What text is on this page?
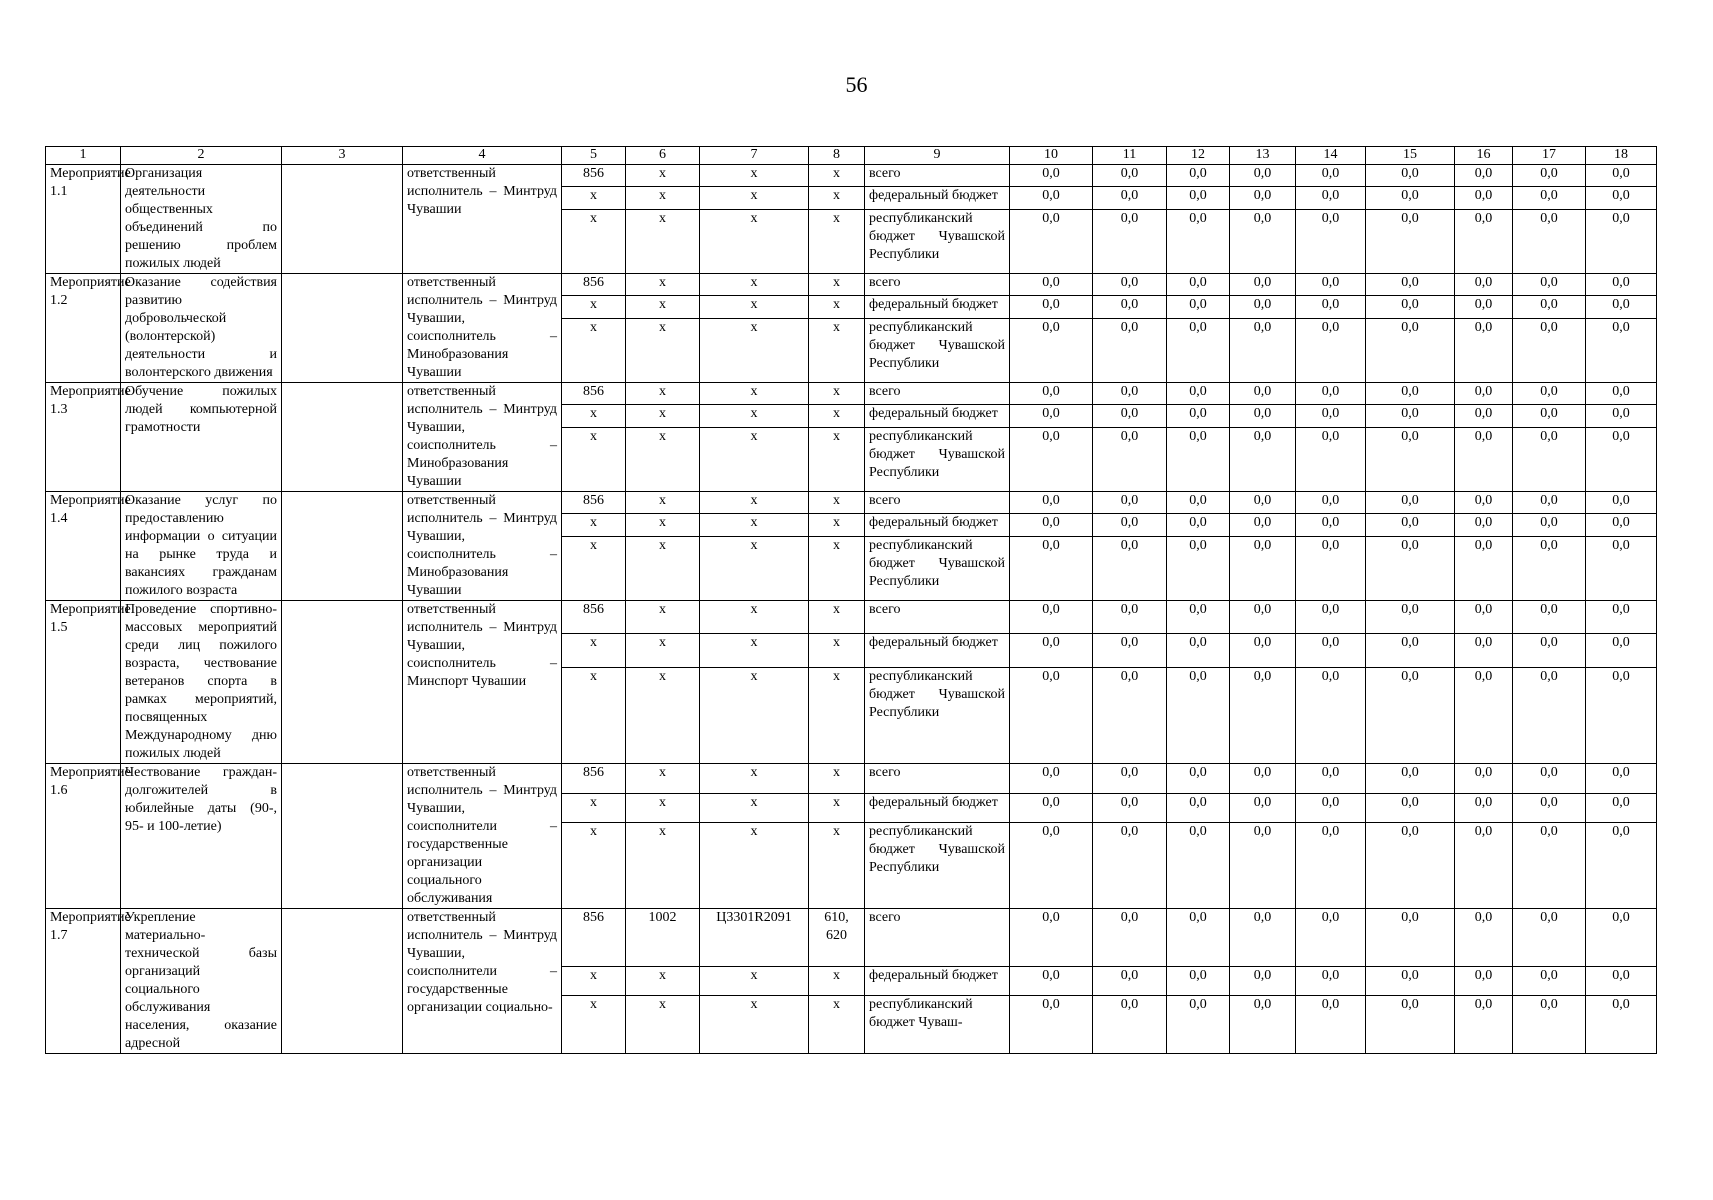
56
1	2	3	4	5	6	7	8	9	10	11	12	13	14	15	16	17	18
Мероприятие 1.1	Организация деятельности общественных объединений по решению проблем пожилых людей		ответственный исполнитель – Минтруд Чувашии	856	x	x	x	всего	0,0	0,0	0,0	0,0	0,0	0,0	0,0	0,0	0,0
				x	x	x	x	федеральный бюджет	0,0	0,0	0,0	0,0	0,0	0,0	0,0	0,0	0,0
				x	x	x	x	республиканский бюджет Чувашской Республики	0,0	0,0	0,0	0,0	0,0	0,0	0,0	0,0	0,0
Мероприятие 1.2	Оказание содействия развитию добровольческой (волонтерской) деятельности и волонтерского движения		ответственный исполнитель – Минтруд Чувашии, соисполнитель – Минобразования Чувашии	856	x	x	x	всего	0,0	0,0	0,0	0,0	0,0	0,0	0,0	0,0	0,0
				x	x	x	x	федеральный бюджет	0,0	0,0	0,0	0,0	0,0	0,0	0,0	0,0	0,0
				x	x	x	x	республиканский бюджет Чувашской Республики	0,0	0,0	0,0	0,0	0,0	0,0	0,0	0,0	0,0
Мероприятие 1.3	Обучение пожилых людей компьютерной грамотности		ответственный исполнитель – Минтруд Чувашии, соисполнитель – Минобразования Чувашии	856	x	x	x	всего	0,0	0,0	0,0	0,0	0,0	0,0	0,0	0,0	0,0
				x	x	x	x	федеральный бюджет	0,0	0,0	0,0	0,0	0,0	0,0	0,0	0,0	0,0
				x	x	x	x	республиканский бюджет Чувашской Республики	0,0	0,0	0,0	0,0	0,0	0,0	0,0	0,0	0,0
Мероприятие 1.4	Оказание услуг по предоставлению информации о ситуации на рынке труда и вакансиях гражданам пожилого возраста		ответственный исполнитель – Минтруд Чувашии, соисполнитель – Минобразования Чувашии	856	x	x	x	всего	0,0	0,0	0,0	0,0	0,0	0,0	0,0	0,0	0,0
				x	x	x	x	федеральный бюджет	0,0	0,0	0,0	0,0	0,0	0,0	0,0	0,0	0,0
				x	x	x	x	республиканский бюджет Чувашской Республики	0,0	0,0	0,0	0,0	0,0	0,0	0,0	0,0	0,0
Мероприятие 1.5	Проведение спортивно-массовых мероприятий среди лиц пожилого возраста, чествование ветеранов спорта в рамках мероприятий, посвященных Международному дню пожилых людей		ответственный исполнитель – Минтруд Чувашии, соисполнитель – Минспорт Чувашии	856	x	x	x	всего	0,0	0,0	0,0	0,0	0,0	0,0	0,0	0,0	0,0
				x	x	x	x	федеральный бюджет	0,0	0,0	0,0	0,0	0,0	0,0	0,0	0,0	0,0
				x	x	x	x	республиканский бюджет Чувашской Республики	0,0	0,0	0,0	0,0	0,0	0,0	0,0	0,0	0,0
Мероприятие 1.6	Чествование граждан-долгожителей в юбилейные даты (90-, 95- и 100-летие)		ответственный исполнитель – Минтруд Чувашии, соисполнители – государственные организации социального обслуживания	856	x	x	x	всего	0,0	0,0	0,0	0,0	0,0	0,0	0,0	0,0	0,0
				x	x	x	x	федеральный бюджет	0,0	0,0	0,0	0,0	0,0	0,0	0,0	0,0	0,0
				x	x	x	x	республиканский бюджет Чувашской Республики	0,0	0,0	0,0	0,0	0,0	0,0	0,0	0,0	0,0
Мероприятие 1.7	Укрепление материально-технической базы организаций социального обслуживания населения, оказание адресной		ответственный исполнитель – Минтруд Чувашии, соисполнители – государственные организации социально-	856	1002	Ц3301R2091	610, 620	всего	0,0	0,0	0,0	0,0	0,0	0,0	0,0	0,0	0,0
				x	x	x	x	федеральный бюджет	0,0	0,0	0,0	0,0	0,0	0,0	0,0	0,0	0,0
				x	x	x	x	республиканский бюджет Чуваш-	0,0	0,0	0,0	0,0	0,0	0,0	0,0	0,0	0,0
